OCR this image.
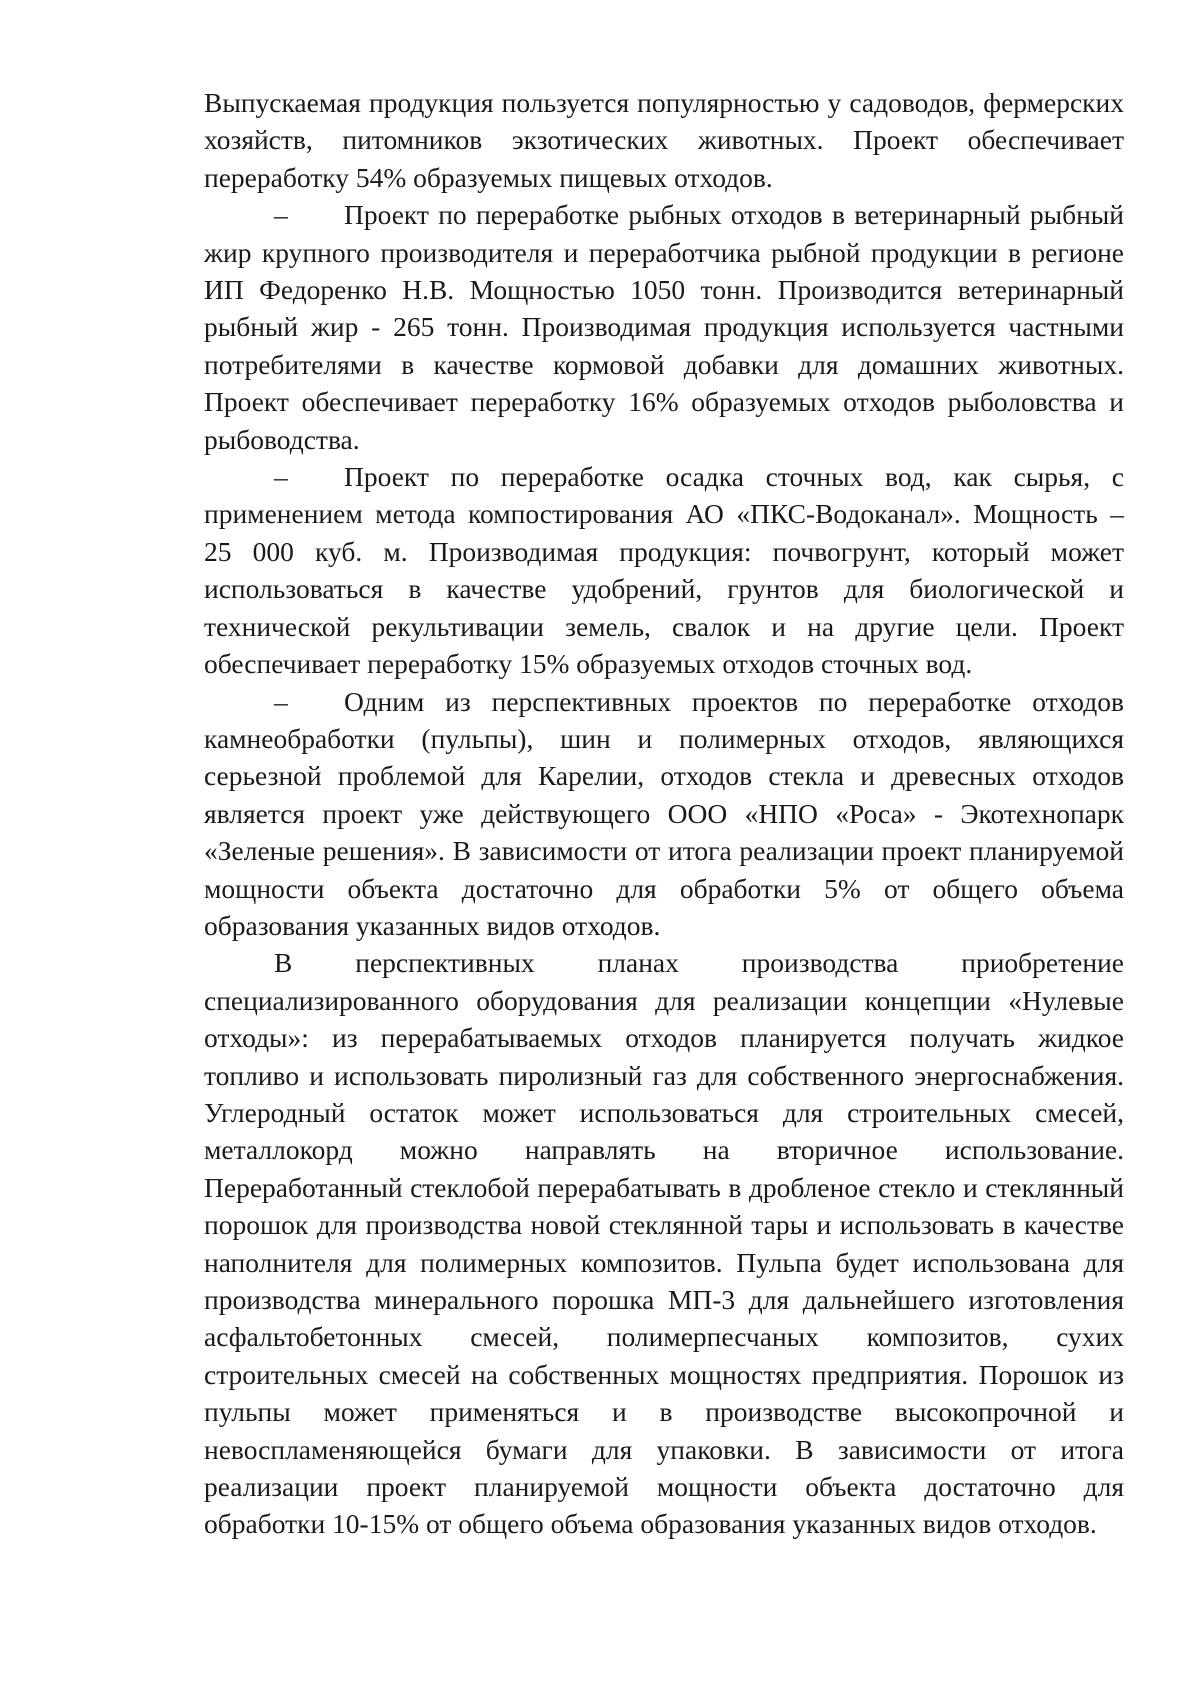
Выпускаемая продукция пользуется популярностью у садоводов, фермерских хозяйств, питомников экзотических животных. Проект обеспечивает переработку 54% образуемых пищевых отходов.

– Проект по переработке рыбных отходов в ветеринарный рыбный жир крупного производителя и переработчика рыбной продукции в регионе ИП Федоренко Н.В. Мощностью 1050 тонн. Производится ветеринарный рыбный жир - 265 тонн. Производимая продукция используется частными потребителями в качестве кормовой добавки для домашних животных. Проект обеспечивает переработку 16% образуемых отходов рыболовства и рыбоводства.

– Проект по переработке осадка сточных вод, как сырья, с применением метода компостирования АО «ПКС-Водоканал». Мощность – 25 000 куб. м. Производимая продукция: почвогрунт, который может использоваться в качестве удобрений, грунтов для биологической и технической рекультивации земель, свалок и на другие цели. Проект обеспечивает переработку 15% образуемых отходов сточных вод.

– Одним из перспективных проектов по переработке отходов камнеобработки (пульпы), шин и полимерных отходов, являющихся серьезной проблемой для Карелии, отходов стекла и древесных отходов является проект уже действующего ООО «НПО «Роса» - Экотехнопарк «Зеленые решения». В зависимости от итога реализации проект планируемой мощности объекта достаточно для обработки 5% от общего объема образования указанных видов отходов.

В перспективных планах производства приобретение специализированного оборудования для реализации концепции «Нулевые отходы»: из перерабатываемых отходов планируется получать жидкое топливо и использовать пиролизный газ для собственного энергоснабжения. Углеродный остаток может использоваться для строительных смесей, металлокорд можно направлять на вторичное использование. Переработанный стеклобой перерабатывать в дробленое стекло и стеклянный порошок для производства новой стеклянной тары и использовать в качестве наполнителя для полимерных композитов. Пульпа будет использована для производства минерального порошка МП-3 для дальнейшего изготовления асфальтобетонных смесей, полимерпесчаных композитов, сухих строительных смесей на собственных мощностях предприятия. Порошок из пульпы может применяться и в производстве высокопрочной и невоспламеняющейся бумаги для упаковки. В зависимости от итога реализации проект планируемой мощности объекта достаточно для обработки 10-15% от общего объема образования указанных видов отходов.
